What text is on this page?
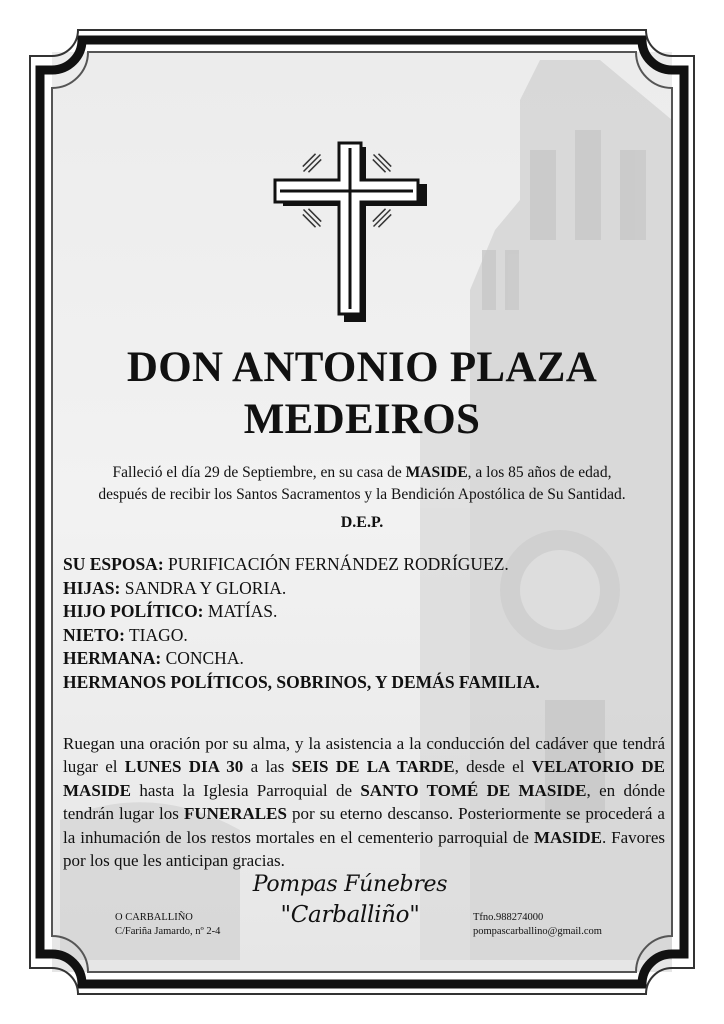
DON ANTONIO PLAZA
MEDEIROS
Falleció el día 29 de Septiembre, en su casa de MASIDE, a los 85 años de edad,
después de recibir los Santos Sacramentos y la Bendición Apostólica de Su Santidad.
D.E.P.
SU ESPOSA: PURIFICACIÓN FERNÁNDEZ RODRÍGUEZ.
HIJAS: SANDRA Y GLORIA.
HIJO POLÍTICO: MATÍAS.
NIETO: TIAGO.
HERMANA: CONCHA.
HERMANOS POLÍTICOS, SOBRINOS, Y DEMÁS FAMILIA.
Ruegan una oración por su alma, y la asistencia a la conducción del cadáver que tendrá lugar el LUNES DIA 30 a las SEIS DE LA TARDE, desde el VELATORIO DE MASIDE hasta la Iglesia Parroquial de SANTO TOMÉ DE MASIDE, en dónde tendrán lugar los FUNERALES por su eterno descanso. Posteriormente se procederá a la inhumación de los restos mortales en el cementerio parroquial de MASIDE. Favores por los que les anticipan gracias.
O CARBALLIÑO
C/Fariña Jamardo, nº 2-4
Pompas Fúnebres
"Carballiño"	Tfno.988274000
pompascarballino@gmail.com
